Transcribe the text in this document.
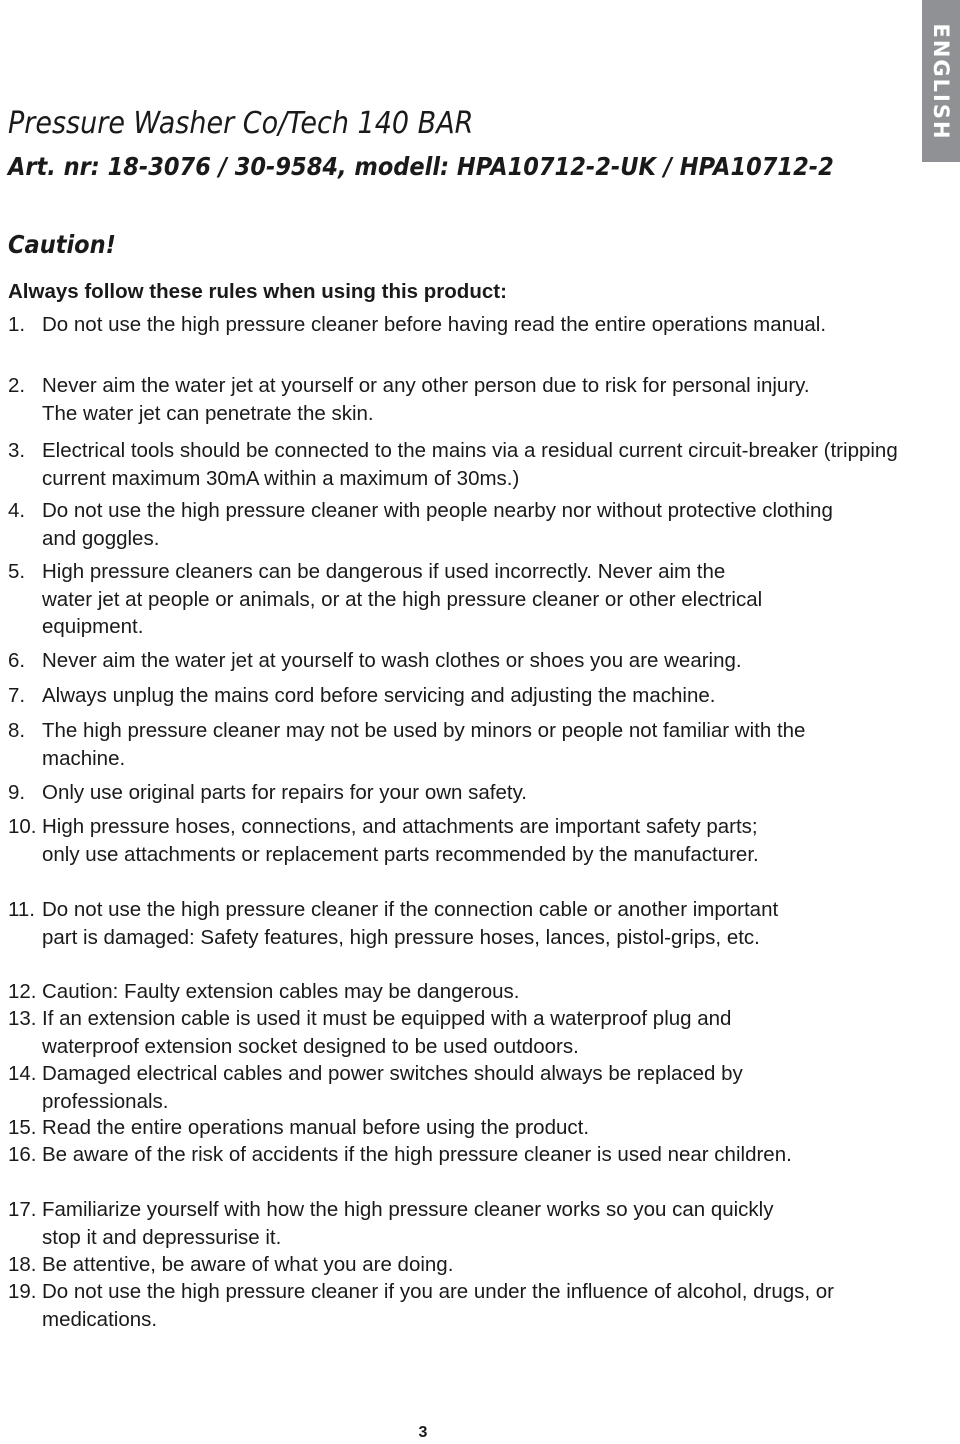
ENGLISH
Pressure Washer Co/Tech 140 BAR
Art. nr: 18-3076 / 30-9584, modell: HPA10712-2-UK / HPA10712-2
Caution!

Always follow these rules when using this product:

1. Do not use the high pressure cleaner before having read the entire operations manual.
2. Never aim the water jet at yourself or any other person due to risk for personal injury. The water jet can penetrate the skin.
3. Electrical tools should be connected to the mains via a residual current circuit-breaker (tripping current maximum 30mA within a maximum of 30ms.)
4. Do not use the high pressure cleaner with people nearby nor without protective clothing and goggles.
5. High pressure cleaners can be dangerous if used incorrectly. Never aim the water jet at people or animals, or at the high pressure cleaner or other electrical equipment.
6. Never aim the water jet at yourself to wash clothes or shoes you are wearing.
7. Always unplug the mains cord before servicing and adjusting the machine.
8. The high pressure cleaner may not be used by minors or people not familiar with the machine.
9. Only use original parts for repairs for your own safety.
10. High pressure hoses, connections, and attachments are important safety parts; only use attachments or replacement parts recommended by the manufacturer.
11. Do not use the high pressure cleaner if the connection cable or another important part is damaged: Safety features, high pressure hoses, lances, pistol-grips, etc.
12. Caution: Faulty extension cables may be dangerous.
13. If an extension cable is used it must be equipped with a waterproof plug and waterproof extension socket designed to be used outdoors.
14. Damaged electrical cables and power switches should always be replaced by professionals.
15. Read the entire operations manual before using the product.
16. Be aware of the risk of accidents if the high pressure cleaner is used near children.
17. Familiarize yourself with how the high pressure cleaner works so you can quickly stop it and depressurise it.
18. Be attentive, be aware of what you are doing.
19. Do not use the high pressure cleaner if you are under the influence of alcohol, drugs, or medications.
3
